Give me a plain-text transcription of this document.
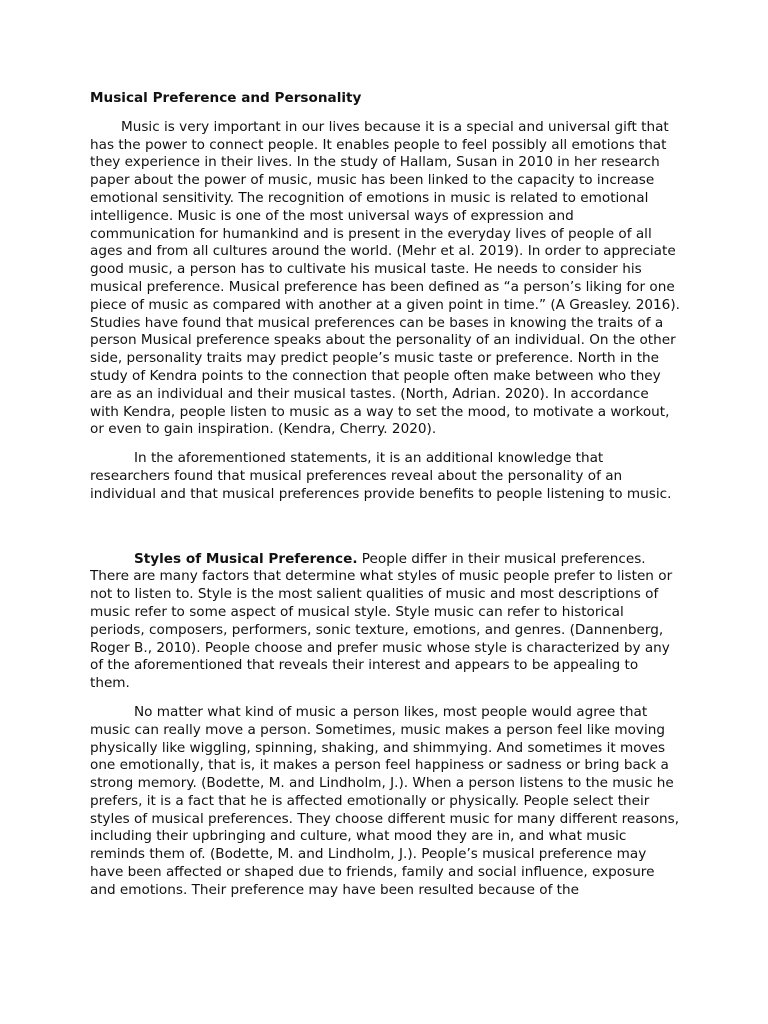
Musical Preference and Personality

Music is very important in our lives because it is a special and universal gift that has the power to connect people. It enables people to feel possibly all emotions that they experience in their lives. In the study of Hallam, Susan in 2010 in her research paper about the power of music, music has been linked to the capacity to increase emotional sensitivity. The recognition of emotions in music is related to emotional intelligence. Music is one of the most universal ways of expression and communication for humankind and is present in the everyday lives of people of all ages and from all cultures around the world. (Mehr et al. 2019). In order to appreciate good music, a person has to cultivate his musical taste. He needs to consider his musical preference. Musical preference has been defined as “a person’s liking for one piece of music as compared with another at a given point in time.” (A Greasley. 2016). Studies have found that musical preferences can be bases in knowing the traits of a person Musical preference speaks about the personality of an individual. On the other side, personality traits may predict people’s music taste or preference. North in the study of Kendra points to the connection that people often make between who they are as an individual and their musical tastes. (North, Adrian. 2020). In accordance with Kendra, people listen to music as a way to set the mood, to motivate a workout, or even to gain inspiration. (Kendra, Cherry. 2020).

In the aforementioned statements, it is an additional knowledge that researchers found that musical preferences reveal about the personality of an individual and that musical preferences provide benefits to people listening to music.

Styles of Musical Preference. People differ in their musical preferences. There are many factors that determine what styles of music people prefer to listen or not to listen to. Style is the most salient qualities of music and most descriptions of music refer to some aspect of musical style. Style music can refer to historical periods, composers, performers, sonic texture, emotions, and genres. (Dannenberg, Roger B., 2010). People choose and prefer music whose style is characterized by any of the aforementioned that reveals their interest and appears to be appealing to them.

No matter what kind of music a person likes, most people would agree that music can really move a person. Sometimes, music makes a person feel like moving physically like wiggling, spinning, shaking, and shimmying. And sometimes it moves one emotionally, that is, it makes a person feel happiness or sadness or bring back a strong memory. (Bodette, M. and Lindholm, J.). When a person listens to the music he prefers, it is a fact that he is affected emotionally or physically. People select their styles of musical preferences. They choose different music for many different reasons, including their upbringing and culture, what mood they are in, and what music reminds them of. (Bodette, M. and Lindholm, J.). People’s musical preference may have been affected or shaped due to friends, family and social influence, exposure and emotions. Their preference may have been resulted because of the
